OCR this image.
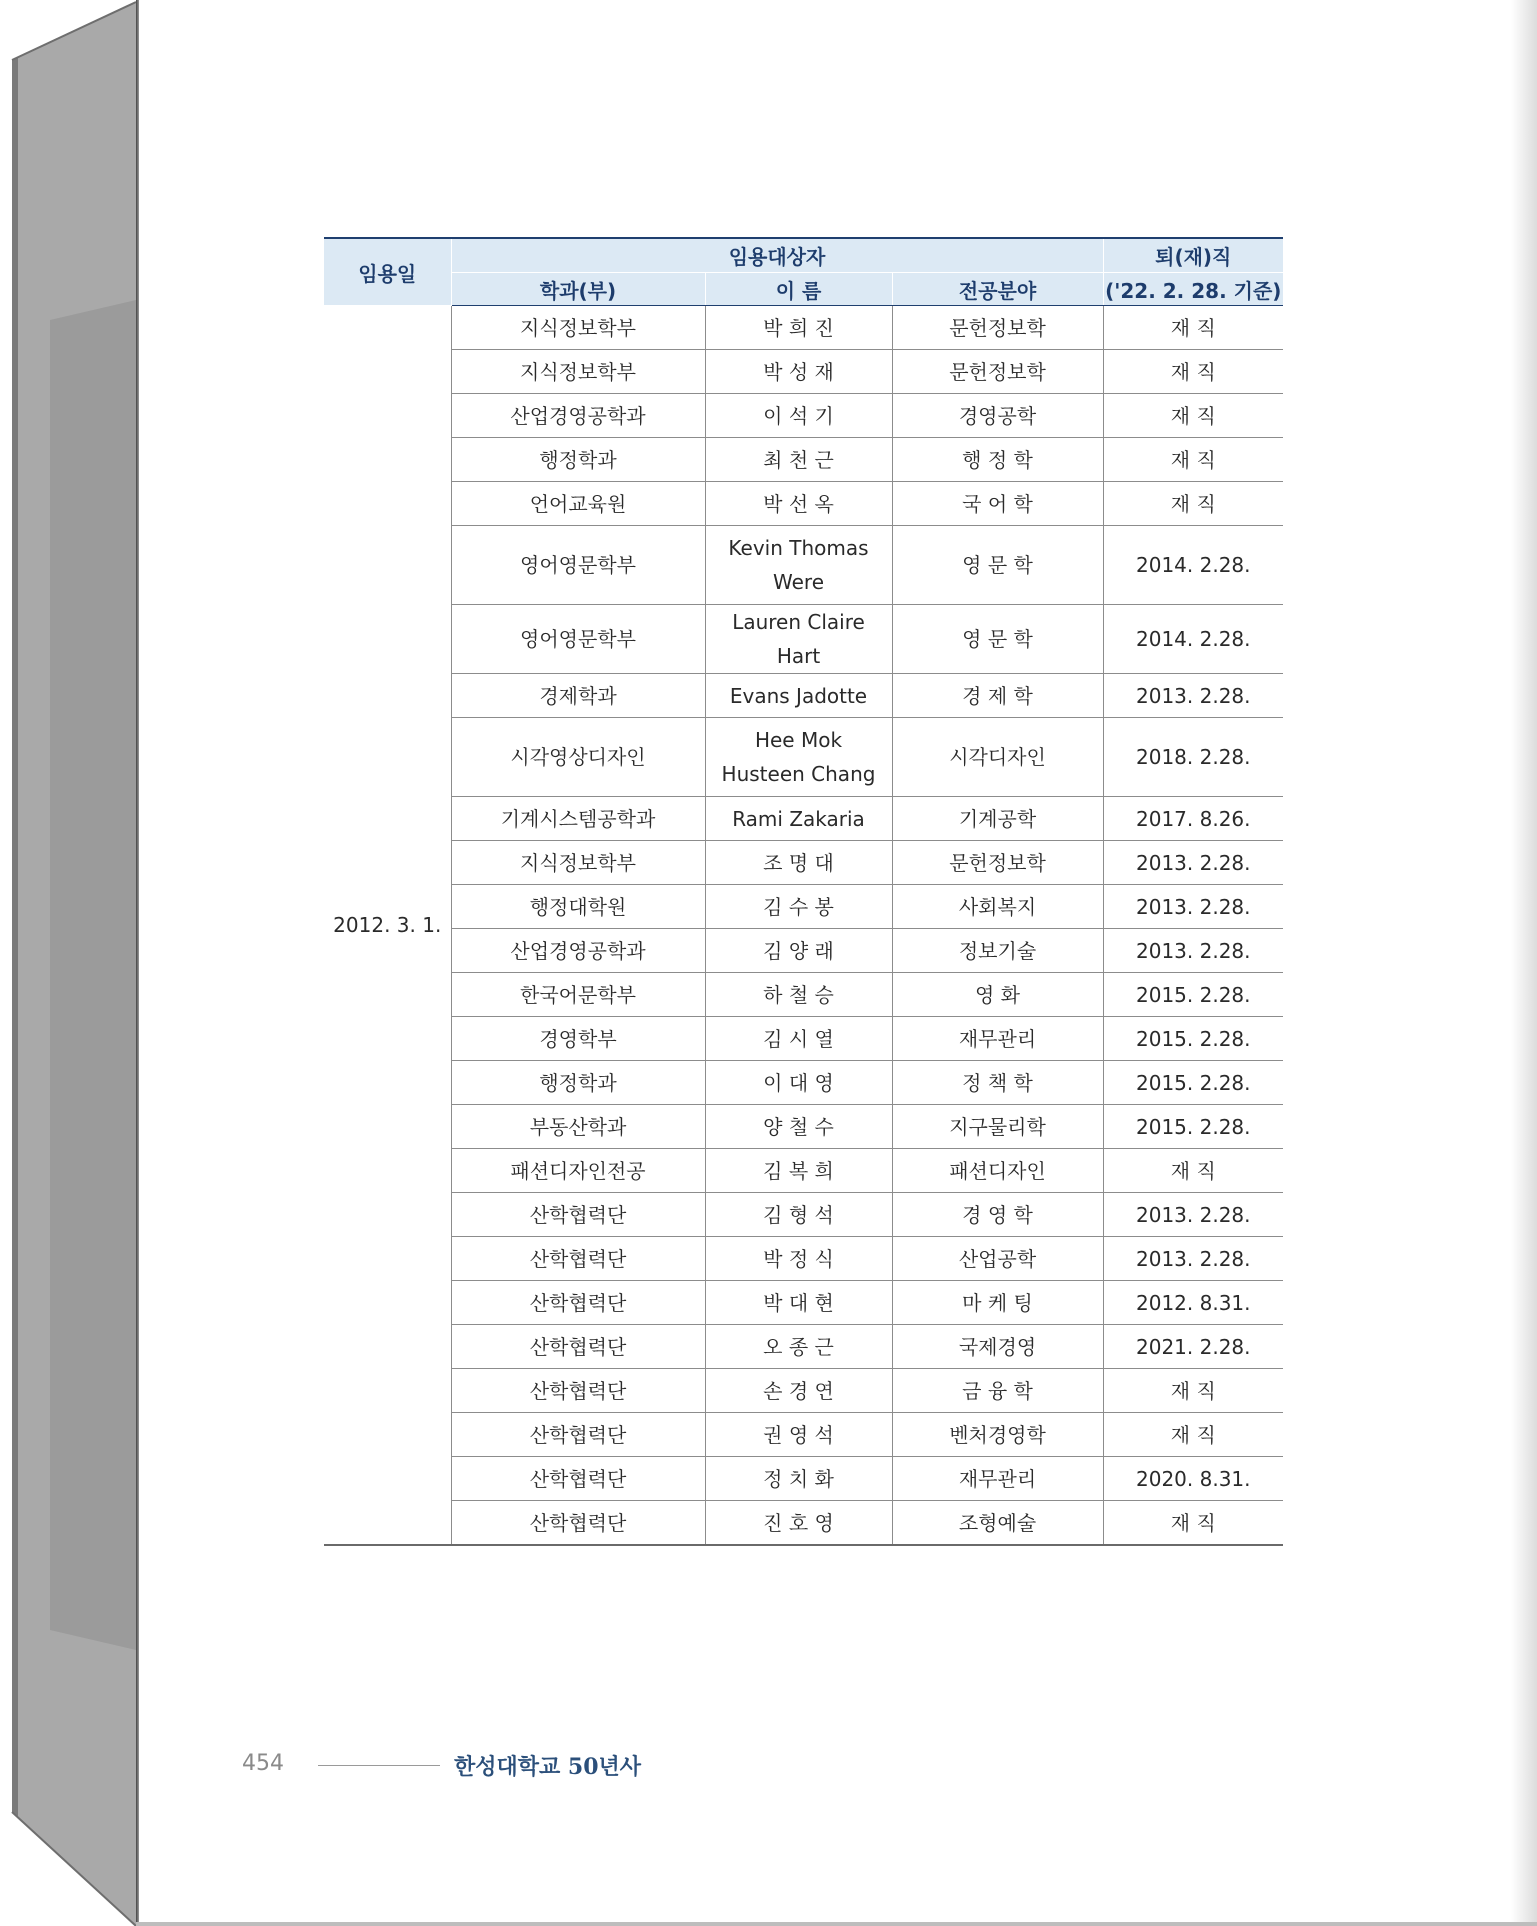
임용일	임용대상자			퇴(재)직
	학과(부)	이 름	전공분야	('22. 2. 28. 기준)
2012. 3. 1.	지식정보학부	박 희 진	문헌정보학	재 직
	지식정보학부	박 성 재	문헌정보학	재 직
	산업경영공학과	이 석 기	경영공학	재 직
	행정학과	최 천 근	행 정 학	재 직
	언어교육원	박 선 옥	국 어 학	재 직
	영어영문학부	Kevin Thomas Were	영 문 학	2014. 2.28.
	영어영문학부	Lauren Claire Hart	영 문 학	2014. 2.28.
	경제학과	Evans Jadotte	경 제 학	2013. 2.28.
	시각영상디자인	Hee Mok Husteen Chang	시각디자인	2018. 2.28.
	기계시스템공학과	Rami Zakaria	기계공학	2017. 8.26.
	지식정보학부	조 명 대	문헌정보학	2013. 2.28.
	행정대학원	김 수 봉	사회복지	2013. 2.28.
	산업경영공학과	김 양 래	정보기술	2013. 2.28.
	한국어문학부	하 철 승	영 화	2015. 2.28.
	경영학부	김 시 열	재무관리	2015. 2.28.
	행정학과	이 대 영	정 책 학	2015. 2.28.
	부동산학과	양 철 수	지구물리학	2015. 2.28.
	패션디자인전공	김 복 희	패션디자인	재 직
	산학협력단	김 형 석	경 영 학	2013. 2.28.
	산학협력단	박 정 식	산업공학	2013. 2.28.
	산학협력단	박 대 현	마 케 팅	2012. 8.31.
	산학협력단	오 종 근	국제경영	2021. 2.28.
	산학협력단	손 경 연	금 융 학	재 직
	산학협력단	권 영 석	벤처경영학	재 직
	산학협력단	정 치 화	재무관리	2020. 8.31.
	산학협력단	진 호 영	조형예술	재 직
454	한성대학교 50년사
